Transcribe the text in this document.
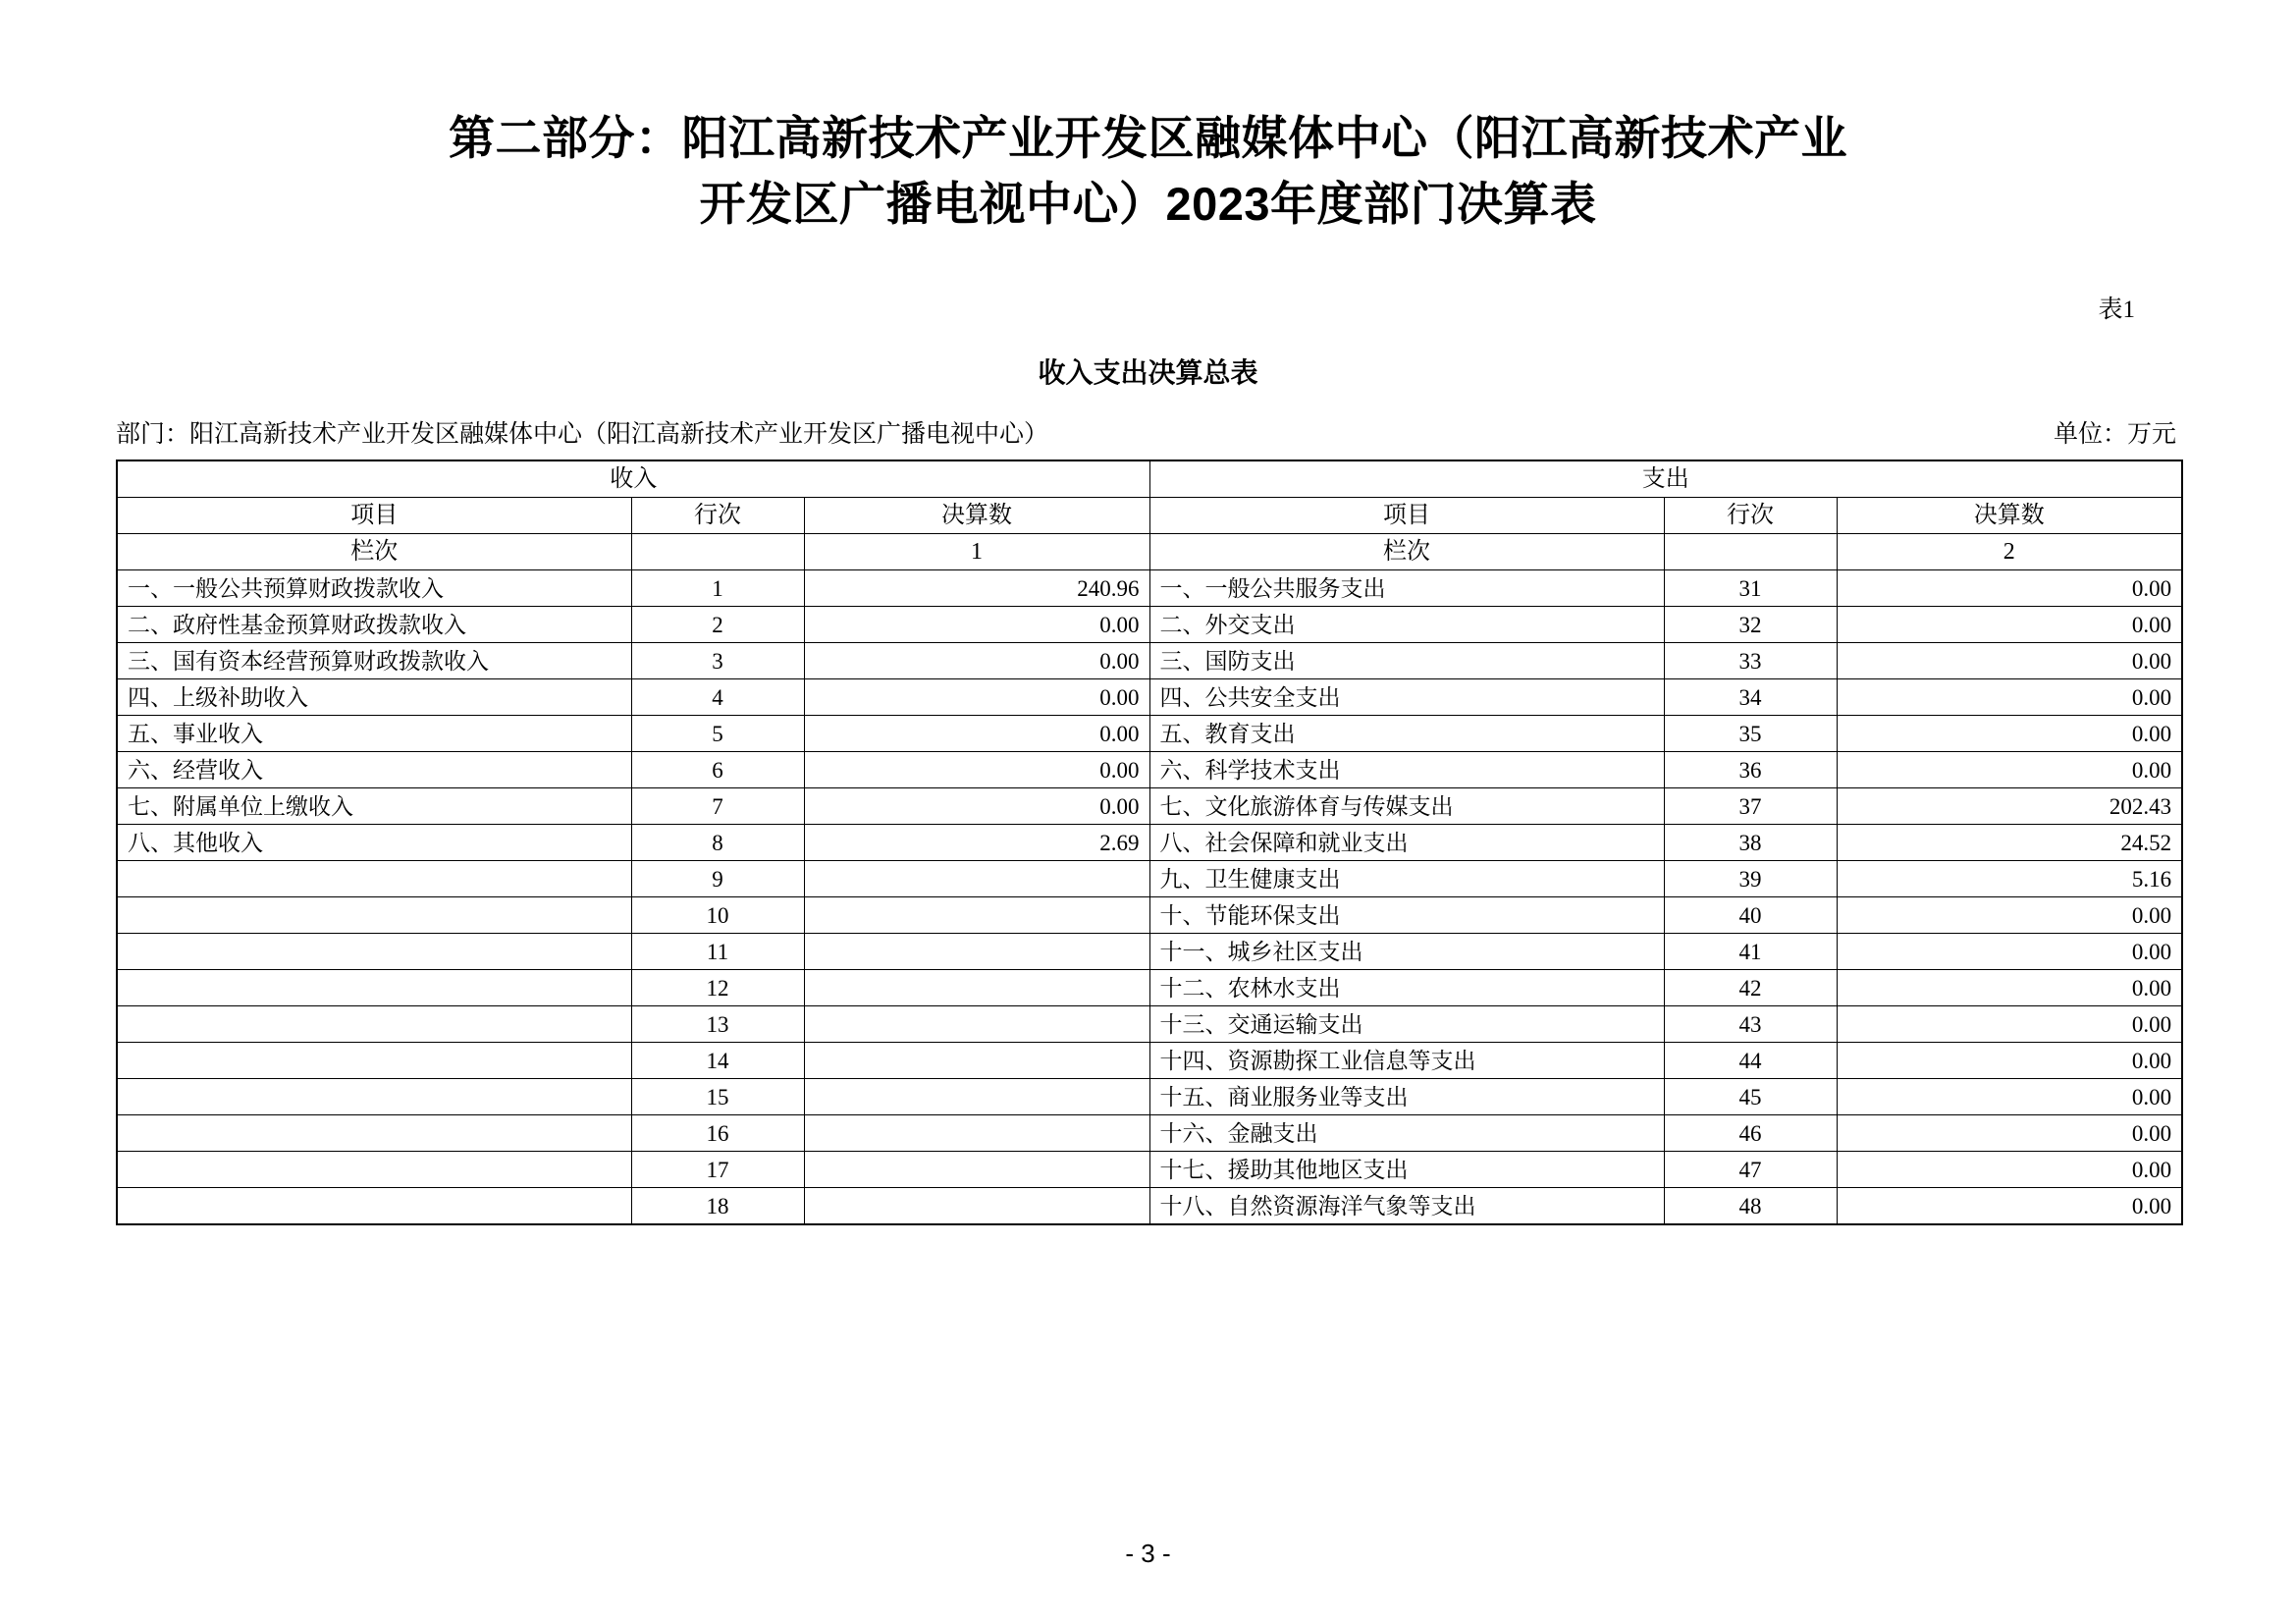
第二部分：阳江高新技术产业开发区融媒体中心（阳江高新技术产业
开发区广播电视中心）2023年度部门决算表
表1
收入支出决算总表
部门：阳江高新技术产业开发区融媒体中心（阳江高新技术产业开发区广播电视中心）	单位：万元
收入			支出		
项目	行次	决算数	项目	行次	决算数
栏次		1	栏次		2
一、一般公共预算财政拨款收入	1	240.96	一、一般公共服务支出	31	0.00
二、政府性基金预算财政拨款收入	2	0.00	二、外交支出	32	0.00
三、国有资本经营预算财政拨款收入	3	0.00	三、国防支出	33	0.00
四、上级补助收入	4	0.00	四、公共安全支出	34	0.00
五、事业收入	5	0.00	五、教育支出	35	0.00
六、经营收入	6	0.00	六、科学技术支出	36	0.00
七、附属单位上缴收入	7	0.00	七、文化旅游体育与传媒支出	37	202.43
八、其他收入	8	2.69	八、社会保障和就业支出	38	24.52
	9		九、卫生健康支出	39	5.16
	10		十、节能环保支出	40	0.00
	11		十一、城乡社区支出	41	0.00
	12		十二、农林水支出	42	0.00
	13		十三、交通运输支出	43	0.00
	14		十四、资源勘探工业信息等支出	44	0.00
	15		十五、商业服务业等支出	45	0.00
	16		十六、金融支出	46	0.00
	17		十七、援助其他地区支出	47	0.00
	18		十八、自然资源海洋气象等支出	48	0.00
- 3 -
